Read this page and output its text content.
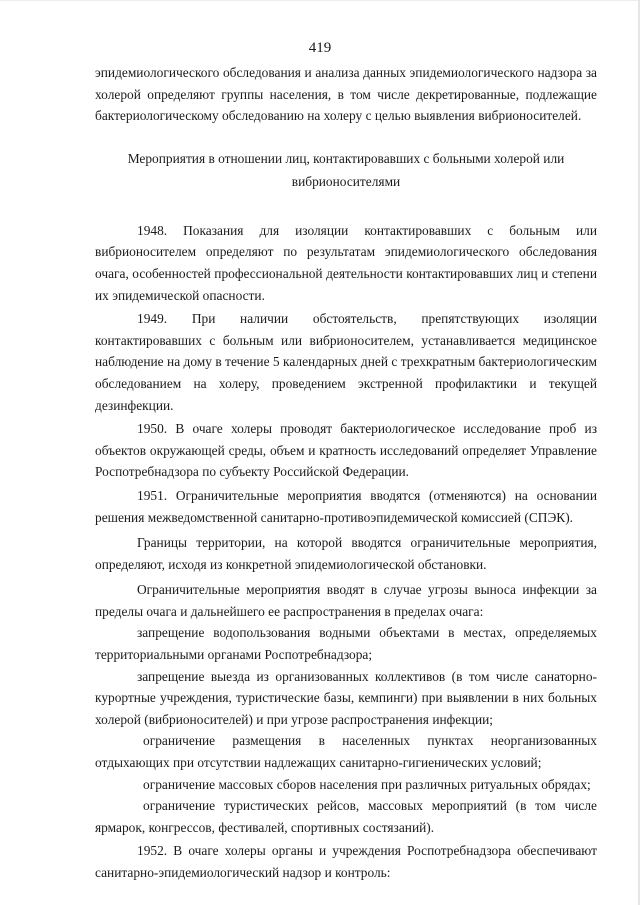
419

эпидемиологического обследования и анализа данных эпидемиологического надзора за холерой определяют группы населения, в том числе декретированные, подлежащие бактериологическому обследованию на холеру с целью выявления вибрионосителей.

Мероприятия в отношении лиц, контактировавших с больными холерой или вибрионосителями

1948. Показания для изоляции контактировавших с больным или вибрионосителем определяют по результатам эпидемиологического обследования очага, особенностей профессиональной деятельности контактировавших лиц и степени их эпидемической опасности.

1949. При наличии обстоятельств, препятствующих изоляции контактировавших с больным или вибрионосителем, устанавливается медицинское наблюдение на дому в течение 5 календарных дней с трехкратным бактериологическим обследованием на холеру, проведением экстренной профилактики и текущей дезинфекции.

1950. В очаге холеры проводят бактериологическое исследование проб из объектов окружающей среды, объем и кратность исследований определяет Управление Роспотребнадзора по субъекту Российской Федерации.

1951. Ограничительные мероприятия вводятся (отменяются) на основании решения межведомственной санитарно-противоэпидемической комиссией (СПЭК).

Границы территории, на которой вводятся ограничительные мероприятия, определяют, исходя из конкретной эпидемиологической обстановки.

Ограничительные мероприятия вводят в случае угрозы выноса инфекции за пределы очага и дальнейшего ее распространения в пределах очага:

запрещение водопользования водными объектами в местах, определяемых территориальными органами Роспотребнадзора;

запрещение выезда из организованных коллективов (в том числе санаторно-курортные учреждения, туристические базы, кемпинги) при выявлении в них больных холерой (вибрионосителей) и при угрозе распространения инфекции;

ограничение размещения в населенных пунктах неорганизованных отдыхающих при отсутствии надлежащих санитарно-гигиенических условий;

ограничение массовых сборов населения при различных ритуальных обрядах;

ограничение туристических рейсов, массовых мероприятий (в том числе ярмарок, конгрессов, фестивалей, спортивных состязаний).

1952. В очаге холеры органы и учреждения Роспотребнадзора обеспечивают санитарно-эпидемиологический надзор и контроль:
